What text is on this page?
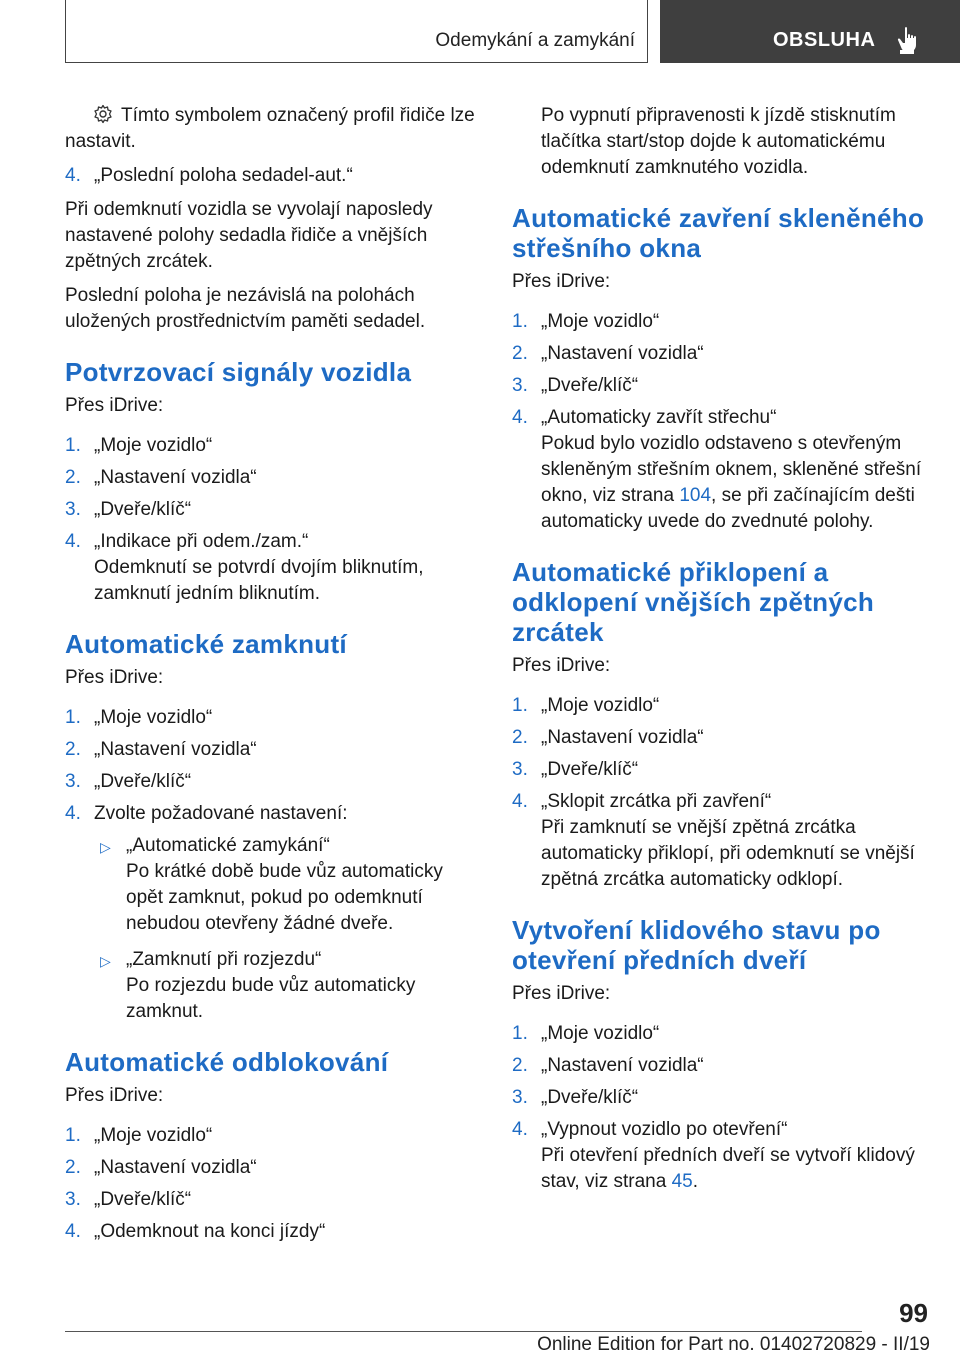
Odemykání a zamykání	OBSLUHA

Tímto symbolem označený profil řidiče lze nastavit.

4. „Poslední poloha sedadel-aut.“

Při odemknutí vozidla se vyvolají naposledy nastavené polohy sedadla řidiče a vnějších zpětných zrcátek.

Poslední poloha je nezávislá na polohách uložených prostřednictvím paměti sedadel.

Potvrzovací signály vozidla

Přes iDrive:

1. „Moje vozidlo“
2. „Nastavení vozidla“
3. „Dveře/klíč“
4. „Indikace při odem./zam.“

Odemknutí se potvrdí dvojím bliknutím, zamknutí jedním bliknutím.

Automatické zamknutí

Přes iDrive:

1. „Moje vozidlo“
2. „Nastavení vozidla“
3. „Dveře/klíč“
4. Zvolte požadované nastavení:
▷ „Automatické zamykání“

Po krátké době bude vůz automaticky opět zamknut, pokud po odemknutí nebudou otevřeny žádné dveře.

▷ „Zamknutí při rozjezdu“

Po rozjezdu bude vůz automaticky zamknut.

Automatické odblokování

Přes iDrive:

1. „Moje vozidlo“
2. „Nastavení vozidla“
3. „Dveře/klíč“
4. „Odemknout na konci jízdy“

Po vypnutí připravenosti k jízdě stisknutím tlačítka start/stop dojde k automatickému odemknutí zamknutého vozidla.

Automatické zavření skleněného střešního okna

Přes iDrive:

1. „Moje vozidlo“
2. „Nastavení vozidla“
3. „Dveře/klíč“
4. „Automaticky zavřít střechu“

Pokud bylo vozidlo odstaveno s otevřeným skleněným střešním oknem, skleněné střešní okno, viz strana 104, se při začínajícím dešti automaticky uvede do zvednuté polohy.

Automatické přiklopení a odklopení vnějších zpětných zrcátek

Přes iDrive:

1. „Moje vozidlo“
2. „Nastavení vozidla“
3. „Dveře/klíč“
4. „Sklopit zrcátka při zavření“

Při zamknutí se vnější zpětná zrcátka automaticky přiklopí, při odemknutí se vnější zpětná zrcátka automaticky odklopí.

Vytvoření klidového stavu po otevření předních dveří

Přes iDrive:

1. „Moje vozidlo“
2. „Nastavení vozidla“
3. „Dveře/klíč“
4. „Vypnout vozidlo po otevření“

Při otevření předních dveří se vytvoří klidový stav, viz strana 45.

99
Online Edition for Part no. 01402720829 - II/19
